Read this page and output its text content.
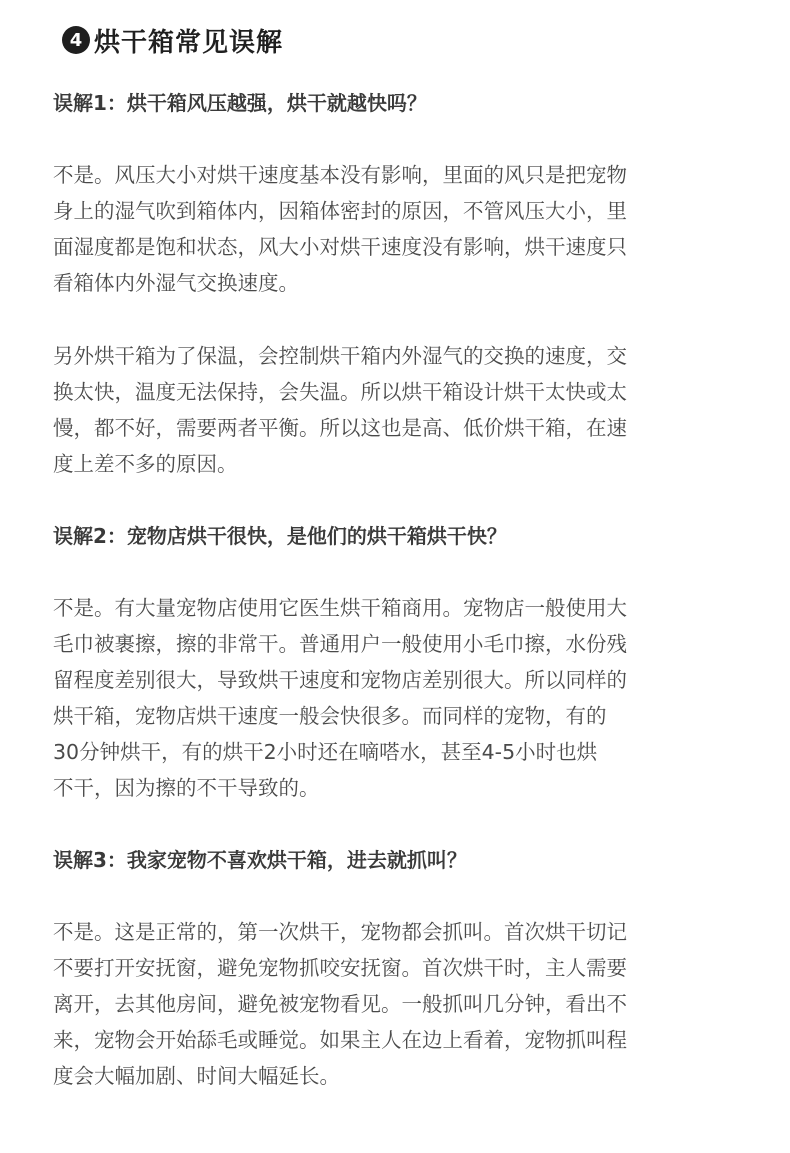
4 烘干箱常见误解
误解1：烘干箱风压越强，烘干就越快吗？
不是。风压大小对烘干速度基本没有影响，里面的风只是把宠物
身上的湿气吹到箱体内，因箱体密封的原因，不管风压大小，里
面湿度都是饱和状态，风大小对烘干速度没有影响，烘干速度只
看箱体内外湿气交换速度。
另外烘干箱为了保温，会控制烘干箱内外湿气的交换的速度，交
换太快，温度无法保持，会失温。所以烘干箱设计烘干太快或太
慢，都不好，需要两者平衡。所以这也是高、低价烘干箱，在速
度上差不多的原因。
误解2：宠物店烘干很快，是他们的烘干箱烘干快？
不是。有大量宠物店使用它医生烘干箱商用。宠物店一般使用大
毛巾被裹擦，擦的非常干。普通用户一般使用小毛巾擦，水份残
留程度差别很大，导致烘干速度和宠物店差别很大。所以同样的
烘干箱，宠物店烘干速度一般会快很多。而同样的宠物，有的
30分钟烘干，有的烘干2小时还在嘀嗒水，甚至4-5小时也烘
不干，因为擦的不干导致的。
误解3：我家宠物不喜欢烘干箱，进去就抓叫？
不是。这是正常的，第一次烘干，宠物都会抓叫。首次烘干切记
不要打开安抚窗，避免宠物抓咬安抚窗。首次烘干时，主人需要
离开，去其他房间，避免被宠物看见。一般抓叫几分钟，看出不
来，宠物会开始舔毛或睡觉。如果主人在边上看着，宠物抓叫程
度会大幅加剧、时间大幅延长。
